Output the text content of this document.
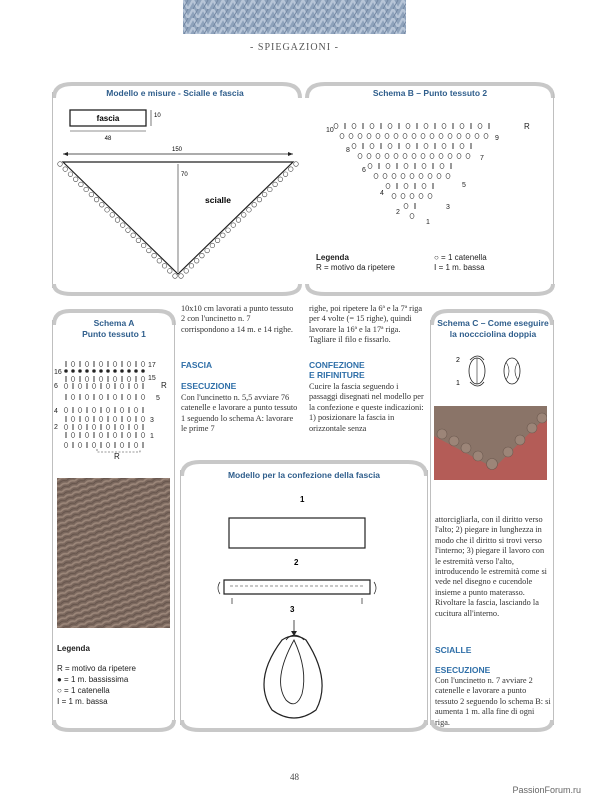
- SPIEGAZIONI -
Modello e misure - Scialle e fascia
fascia	10
48
150
70
scialle
Schema B – Punto tessuto 2
10
9
8
7
6
5
4
3
2
1
R
Legenda
R = motivo da ripetere
○ = 1 catenella
Ⅰ = 1 m. bassa
Schema A
Punto tessuto 1
17
16
15
6	R
5
4
3
2
1
R
Legenda
R = motivo da ripetere
● = 1 m. bassissima
○ = 1 catenella
Ⅰ = 1 m. bassa
10x10 cm lavorati a punto tessuto 2 con l'uncinetto n. 7 corrispondono a 14 m. e 14 righe.
FASCIA
ESECUZIONE
Con l'uncinetto n. 5,5 avviare 76 catenelle e lavorare a punto tessuto 1 seguendo lo schema A: lavorare le prime 7
righe, poi ripetere la 6ª e la 7ª riga per 4 volte (= 15 righe), quindi lavorare la 16ª e la 17ª riga. Tagliare il filo e fissarlo.
CONFEZIONE
E RIFINITURE
Cucire la fascia seguendo i passaggi disegnati nel modello per la confezione e queste indicazioni: 1) posizionare la fascia in orizzontale senza
Schema C – Come eseguire
la noccciolina doppia
2
1
Modello per la confezione della fascia
1
2
3
attorcigliarla, con il diritto verso l'alto; 2) piegare in lunghezza in modo che il diritto si trovi verso l'interno; 3) piegare il lavoro con le estremità verso l'alto, introducendo le estremità come si vede nel disegno e cucendole insieme a punto materasso. Rivoltare la fascia, lasciando la cucitura all'interno.
SCIALLE
ESECUZIONE
Con l'uncinetto n. 7 avviare 2 catenelle e lavorare a punto tessuto 2 seguendo lo schema B: si aumenta 1 m. alla fine di ogni riga.
48
PassionForum.ru
